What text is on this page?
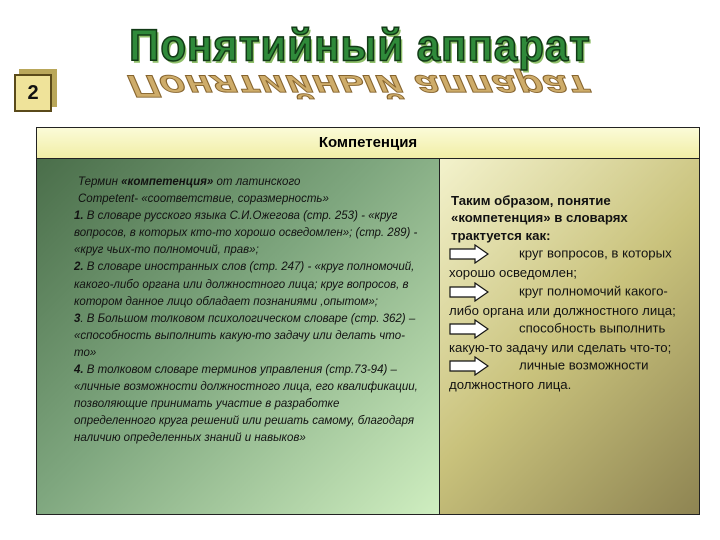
Понятийный аппарат
Понятийный аппарат
2
Компетенция

Термин «компетенция» от латинского

Competent- «соответствие, соразмерность»

1. В словаре русского языка С.И.Ожегова (стр. 253) - «круг вопросов, в которых кто-то хорошо осведомлен»; (стр. 289) - «круг чьих-то полномочий, прав»;

2. В словаре иностранных слов (стр. 247) - «круг полномочий, какого-либо органа или должностного лица; круг вопросов, в котором данное лицо обладает познаниями ,опытом»;

3. В Большом толковом психологическом словаре (стр. 362) – «способность выполнить какую-то задачу или делать что-то»

4. В толковом словаре терминов управления (стр.73-94) – «личные возможности должностного лица, его квалификации,

позволяющие принимать участие в разработке определенного круга решений или решать самому, благодаря наличию определенных знаний и навыков»

Таким образом, понятие «компетенция» в словарях трактуется как:

круг вопросов, в которых хорошо осведомлен;

круг полномочий какого-либо органа или должностного лица;

способность выполнить какую-то задачу или сделать что-то;

личные возможности должностного лица.
